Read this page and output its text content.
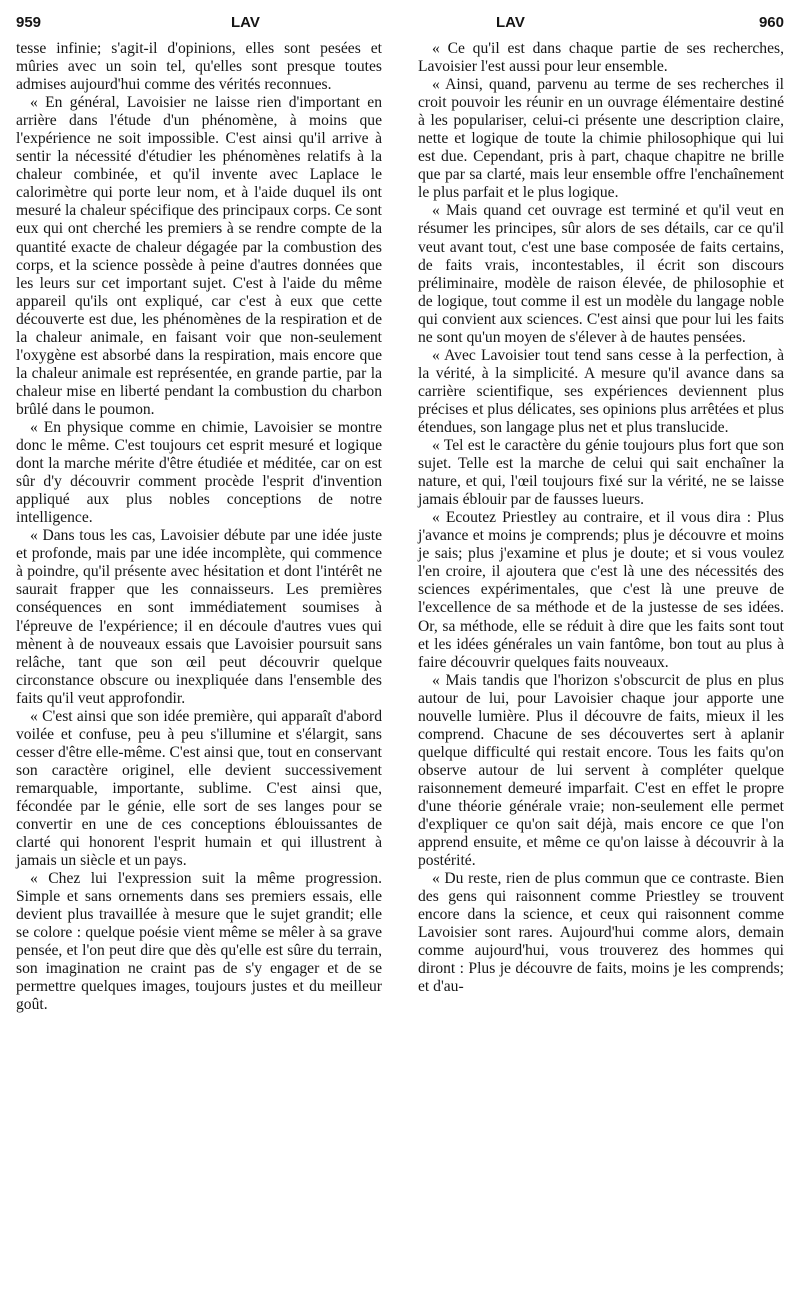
959	LAV	LAV	960

tesse infinie; s'agit-il d'opinions, elles sont pesées et mûries avec un soin tel, qu'elles sont presque toutes admises aujourd'hui comme des vérités reconnues.

« En général, Lavoisier ne laisse rien d'important en arrière dans l'étude d'un phénomène, à moins que l'expérience ne soit impossible. C'est ainsi qu'il arrive à sentir la nécessité d'étudier les phénomènes relatifs à la chaleur combinée, et qu'il invente avec Laplace le calorimètre qui porte leur nom, et à l'aide duquel ils ont mesuré la chaleur spécifique des principaux corps. Ce sont eux qui ont cherché les premiers à se rendre compte de la quantité exacte de chaleur dégagée par la combustion des corps, et la science possède à peine d'autres données que les leurs sur cet important sujet. C'est à l'aide du même appareil qu'ils ont expliqué, car c'est à eux que cette découverte est due, les phénomènes de la respiration et de la chaleur animale, en faisant voir que non-seulement l'oxygène est absorbé dans la respiration, mais encore que la chaleur animale est représentée, en grande partie, par la chaleur mise en liberté pendant la combustion du charbon brûlé dans le poumon.

« En physique comme en chimie, Lavoisier se montre donc le même. C'est toujours cet esprit mesuré et logique dont la marche mérite d'être étudiée et méditée, car on est sûr d'y découvrir comment procède l'esprit d'invention appliqué aux plus nobles conceptions de notre intelligence.

« Dans tous les cas, Lavoisier débute par une idée juste et profonde, mais par une idée incomplète, qui commence à poindre, qu'il présente avec hésitation et dont l'intérêt ne saurait frapper que les connaisseurs. Les premières conséquences en sont immédiatement soumises à l'épreuve de l'expérience; il en découle d'autres vues qui mènent à de nouveaux essais que Lavoisier poursuit sans relâche, tant que son œil peut découvrir quelque circonstance obscure ou inexpliquée dans l'ensemble des faits qu'il veut approfondir.

« C'est ainsi que son idée première, qui apparaît d'abord voilée et confuse, peu à peu s'illumine et s'élargit, sans cesser d'être elle-même. C'est ainsi que, tout en conservant son caractère originel, elle devient successivement remarquable, importante, sublime. C'est ainsi que, fécondée par le génie, elle sort de ses langes pour se convertir en une de ces conceptions éblouissantes de clarté qui honorent l'esprit humain et qui illustrent à jamais un siècle et un pays.

« Chez lui l'expression suit la même progression. Simple et sans ornements dans ses premiers essais, elle devient plus travaillée à mesure que le sujet grandit; elle se colore : quelque poésie vient même se mêler à sa grave pensée, et l'on peut dire que dès qu'elle est sûre du terrain, son imagination ne craint pas de s'y engager et de se permettre quelques images, toujours justes et du meilleur goût.

« Ce qu'il est dans chaque partie de ses recherches, Lavoisier l'est aussi pour leur ensemble.

« Ainsi, quand, parvenu au terme de ses recherches il croit pouvoir les réunir en un ouvrage élémentaire destiné à les populariser, celui-ci présente une description claire, nette et logique de toute la chimie philosophique qui lui est due. Cependant, pris à part, chaque chapitre ne brille que par sa clarté, mais leur ensemble offre l'enchaînement le plus parfait et le plus logique.

« Mais quand cet ouvrage est terminé et qu'il veut en résumer les principes, sûr alors de ses détails, car ce qu'il veut avant tout, c'est une base composée de faits certains, de faits vrais, incontestables, il écrit son discours préliminaire, modèle de raison élevée, de philosophie et de logique, tout comme il est un modèle du langage noble qui convient aux sciences. C'est ainsi que pour lui les faits ne sont qu'un moyen de s'élever à de hautes pensées.

« Avec Lavoisier tout tend sans cesse à la perfection, à la vérité, à la simplicité. A mesure qu'il avance dans sa carrière scientifique, ses expériences deviennent plus précises et plus délicates, ses opinions plus arrêtées et plus étendues, son langage plus net et plus translucide.

« Tel est le caractère du génie toujours plus fort que son sujet. Telle est la marche de celui qui sait enchaîner la nature, et qui, l'œil toujours fixé sur la vérité, ne se laisse jamais éblouir par de fausses lueurs.

« Ecoutez Priestley au contraire, et il vous dira : Plus j'avance et moins je comprends; plus je découvre et moins je sais; plus j'examine et plus je doute; et si vous voulez l'en croire, il ajoutera que c'est là une des nécessités des sciences expérimentales, que c'est là une preuve de l'excellence de sa méthode et de la justesse de ses idées. Or, sa méthode, elle se réduit à dire que les faits sont tout et les idées générales un vain fantôme, bon tout au plus à faire découvrir quelques faits nouveaux.

« Mais tandis que l'horizon s'obscurcit de plus en plus autour de lui, pour Lavoisier chaque jour apporte une nouvelle lumière. Plus il découvre de faits, mieux il les comprend. Chacune de ses découvertes sert à aplanir quelque difficulté qui restait encore. Tous les faits qu'on observe autour de lui servent à compléter quelque raisonnement demeuré imparfait. C'est en effet le propre d'une théorie générale vraie; non-seulement elle permet d'expliquer ce qu'on sait déjà, mais encore ce que l'on apprend ensuite, et même ce qu'on laisse à découvrir à la postérité.

« Du reste, rien de plus commun que ce contraste. Bien des gens qui raisonnent comme Priestley se trouvent encore dans la science, et ceux qui raisonnent comme Lavoisier sont rares. Aujourd'hui comme alors, demain comme aujourd'hui, vous trouverez des hommes qui diront : Plus je découvre de faits, moins je les comprends; et d'au-
